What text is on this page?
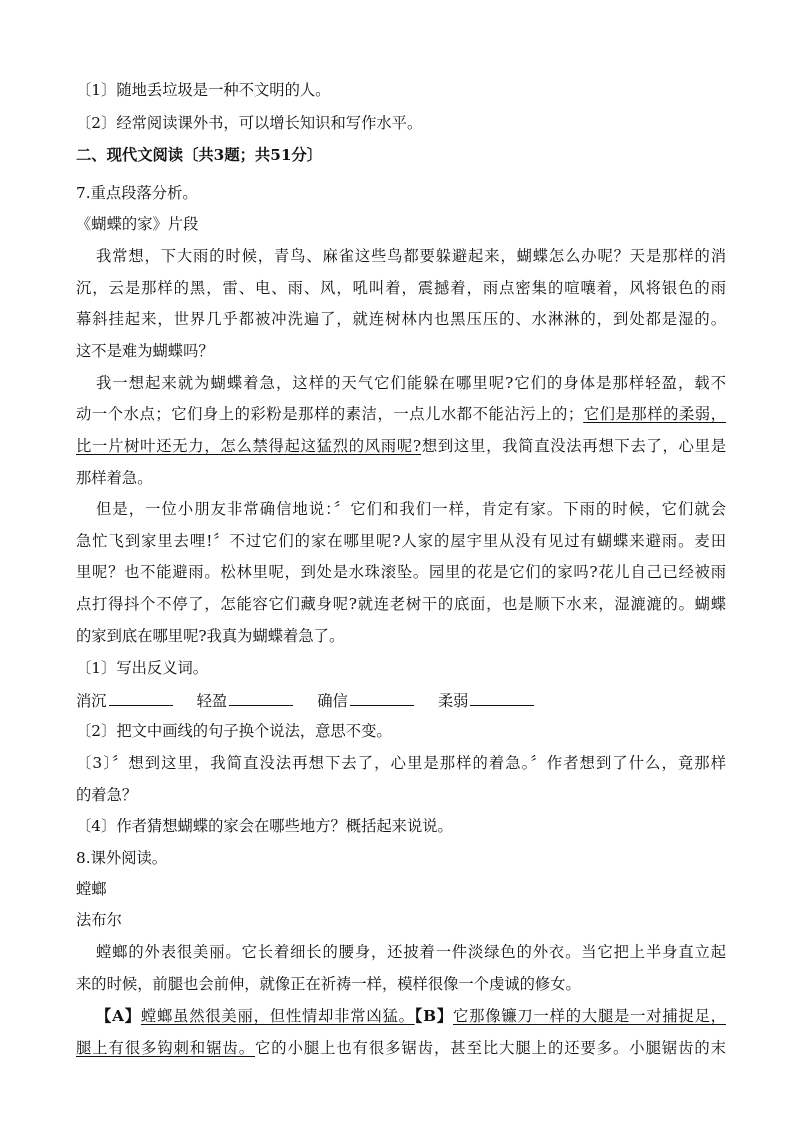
〔1〕随地丢垃圾是一种不文明的人。
〔2〕经常阅读课外书，可以增长知识和写作水平。
二、现代文阅读〔共3题；共51分〕
7.重点段落分析。
《蝴蝶的家》片段
我常想，下大雨的时候，青鸟、麻雀这些鸟都要躲避起来，蝴蝶怎么办呢？天是那样的消
沉，云是那样的黑，雷、电、雨、风，吼叫着，震撼着，雨点密集的喧嚷着，风将银色的雨
幕斜挂起来，世界几乎都被冲洗遍了，就连树林内也黑压压的、水淋淋的，到处都是湿的。
这不是难为蝴蝶吗？
我一想起来就为蝴蝶着急，这样的天气它们能躲在哪里呢?它们的身体是那样轻盈，载不
动一个水点；它们身上的彩粉是那样的素洁，一点儿水都不能沾污上的；它们是那样的柔弱，
比一片树叶还无力，怎么禁得起这猛烈的风雨呢?想到这里，我简直没法再想下去了，心里是
那样着急。
但是，一位小朋友非常确信地说：〞它们和我们一样，肯定有家。下雨的时候，它们就会
急忙飞到家里去哩!〞不过它们的家在哪里呢?人家的屋宇里从没有见过有蝴蝶来避雨。麦田
里呢？也不能避雨。松林里呢，到处是水珠滚坠。园里的花是它们的家吗?花儿自己已经被雨
点打得抖个不停了，怎能容它们藏身呢?就连老树干的底面，也是顺下水来，湿漉漉的。蝴蝶
的家到底在哪里呢?我真为蝴蝶着急了。
〔1〕写出反义词。
消沉	轻盈	确信	柔弱
〔2〕把文中画线的句子换个说法，意思不变。
〔3〕〞想到这里，我简直没法再想下去了，心里是那样的着急。〞作者想到了什么，竟那样
的着急？
〔4〕作者猜想蝴蝶的家会在哪些地方？概括起来说说。
8.课外阅读。
螳螂
法布尔
螳螂的外表很美丽。它长着细长的腰身，还披着一件淡绿色的外衣。当它把上半身直立起
来的时候，前腿也会前伸，就像正在祈祷一样，模样很像一个虔诚的修女。
【A】螳螂虽然很美丽，但性情却非常凶猛。【B】它那像镰刀一样的大腿是一对捕捉足，
腿上有很多钩刺和锯齿。它的小腿上也有很多锯齿，甚至比大腿上的还要多。小腿锯齿的末
